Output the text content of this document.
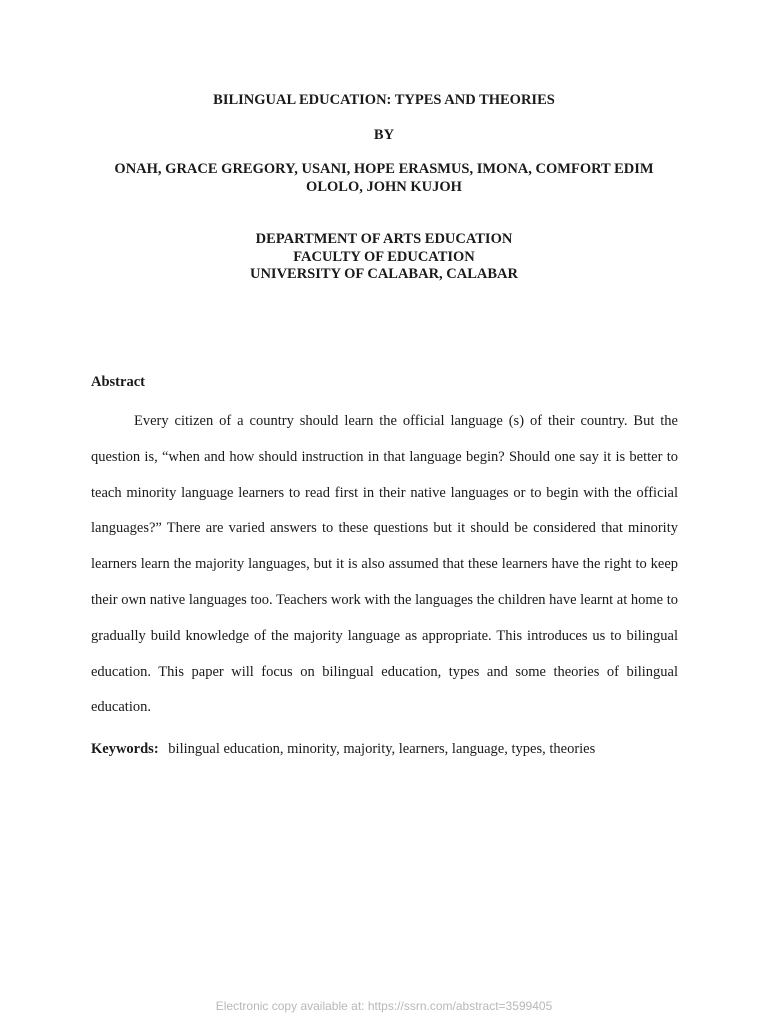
BILINGUAL EDUCATION: TYPES AND THEORIES
BY
ONAH, GRACE GREGORY, USANI, HOPE ERASMUS, IMONA, COMFORT EDIM
OLOLO, JOHN KUJOH
DEPARTMENT OF ARTS EDUCATION
FACULTY OF EDUCATION
UNIVERSITY OF CALABAR, CALABAR
Abstract

Every citizen of a country should learn the official language (s) of their country. But the question is, “when and how should instruction in that language begin? Should one say it is better to teach minority language learners to read first in their native languages or to begin with the official languages?” There are varied answers to these questions but it should be considered that minority learners learn the majority languages, but it is also assumed that these learners have the right to keep their own native languages too. Teachers work with the languages the children have learnt at home to gradually build knowledge of the majority language as appropriate. This introduces us to bilingual education. This paper will focus on bilingual education, types and some theories of bilingual education.

Keywords: bilingual education, minority, majority, learners, language, types, theories
Electronic copy available at: https://ssrn.com/abstract=3599405
